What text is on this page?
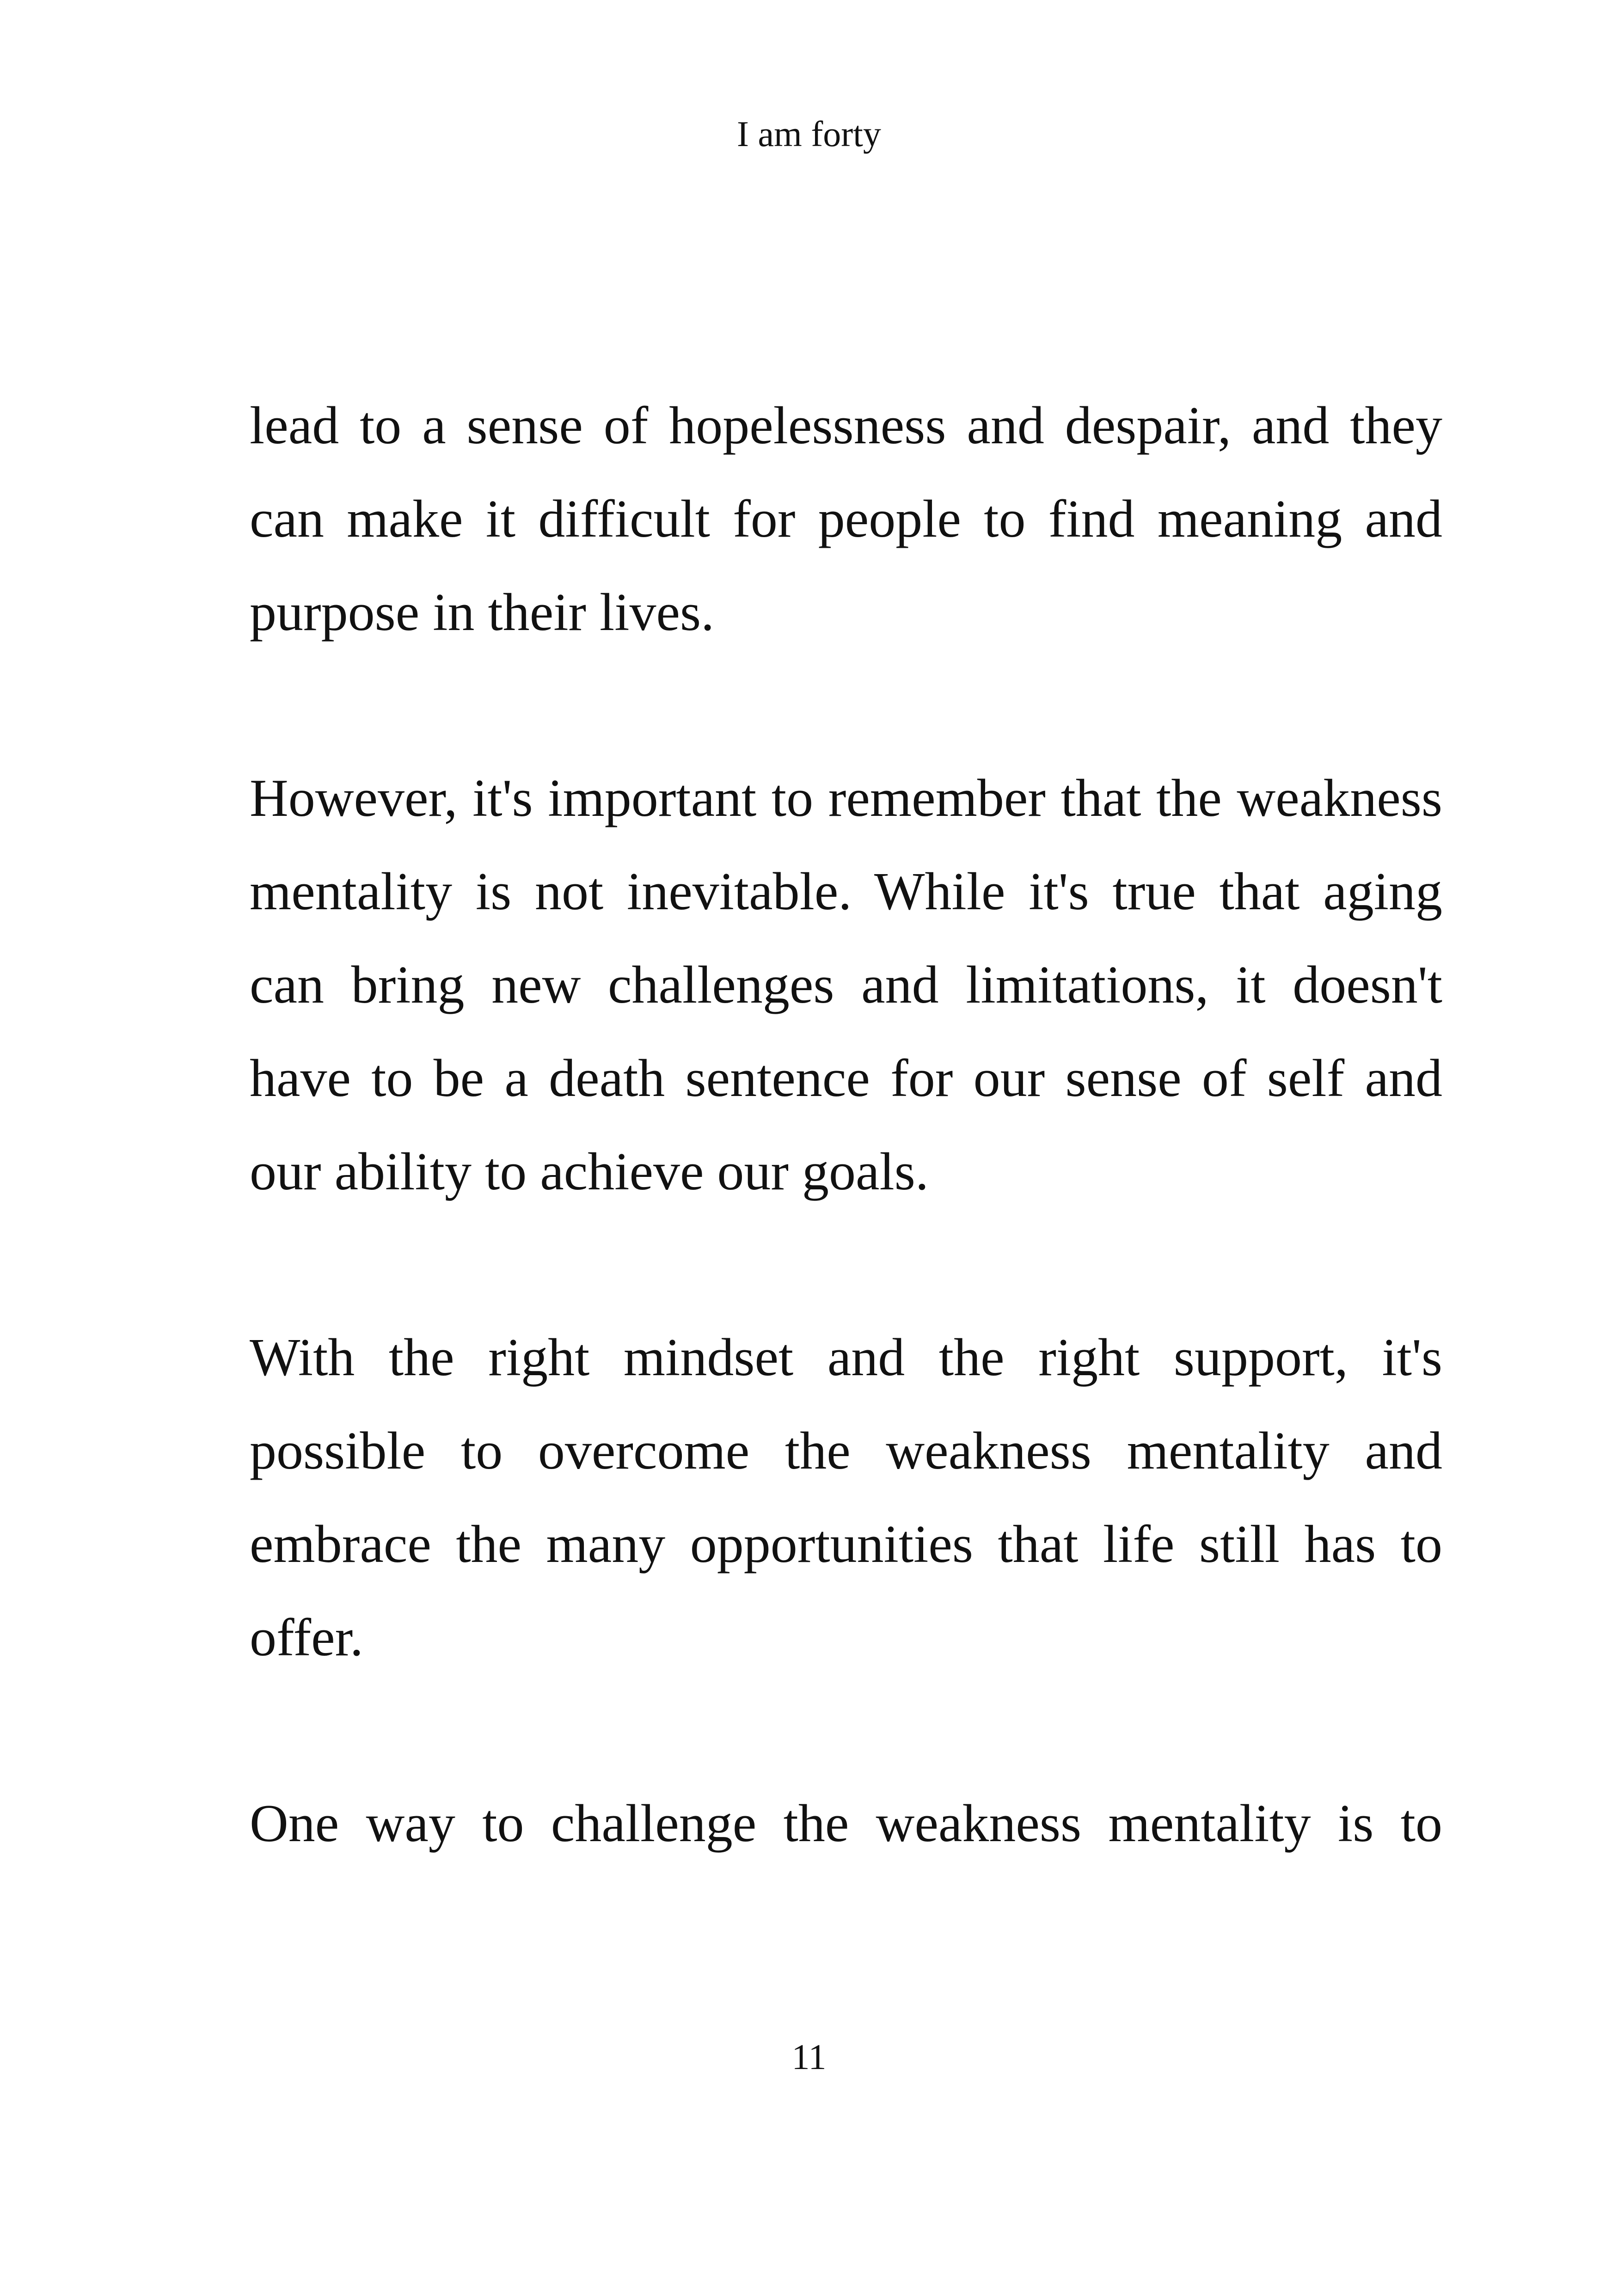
I am forty

lead to a sense of hopelessness and despair, and they can make it difficult for people to find meaning and purpose in their lives.

However, it's important to remember that the weakness mentality is not inevitable. While it's true that aging can bring new challenges and limitations, it doesn't have to be a death sentence for our sense of self and our ability to achieve our goals.

With the right mindset and the right support, it's possible to overcome the weakness mentality and embrace the many opportunities that life still has to offer.

One way to challenge the weakness mentality is to

11
